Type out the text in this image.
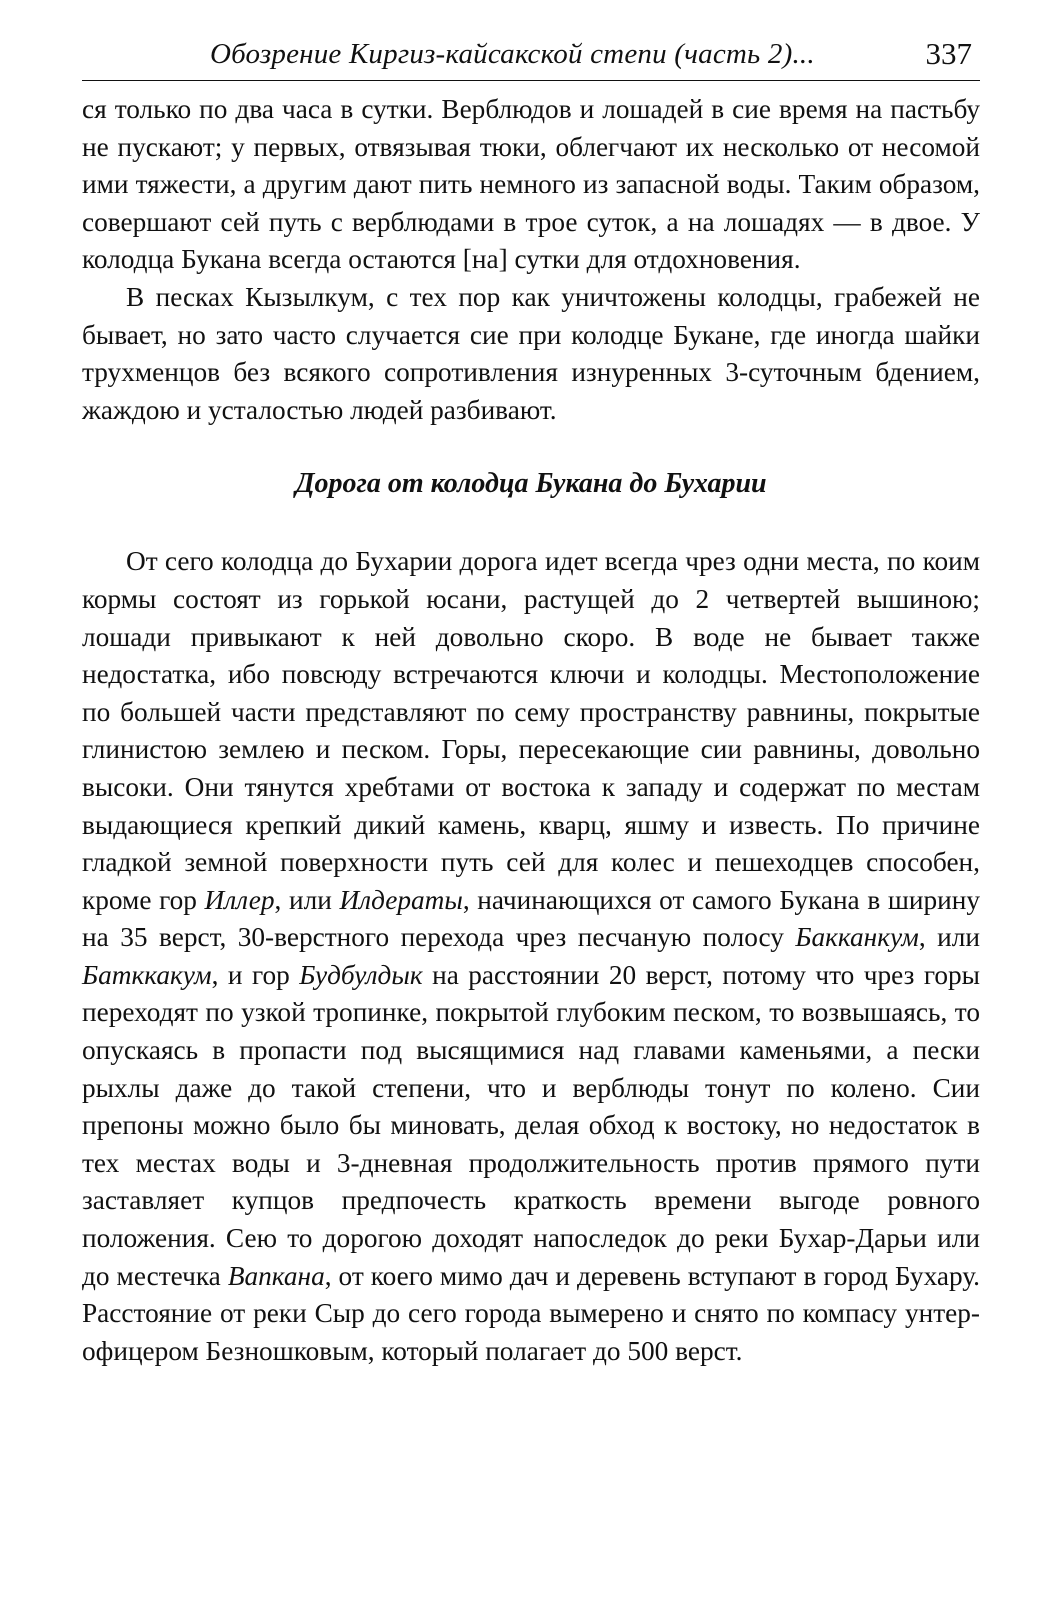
Обозрение Киргиз-кайсакской степи (часть 2)...	337

ся только по два часа в сутки. Верблюдов и лошадей в сие время на пастьбу не пускают; у первых, отвязывая тюки, облегчают их несколько от несомой ими тяжести, а другим дают пить немного из запасной воды. Таким образом, совершают сей путь с верблюдами в трое суток, а на лошадях — в двое. У колодца Букана всегда остаются [на] сутки для отдохновения.

В песках Кызылкум, с тех пор как уничтожены колодцы, грабежей не бывает, но зато часто случается сие при колодце Букане, где иногда шайки трухменцов без всякого сопротивления изнуренных 3-суточным бдением, жаждою и усталостью людей разбивают.

Дорога от колодца Букана до Бухарии

От сего колодца до Бухарии дорога идет всегда чрез одни места, по коим кормы состоят из горькой юсани, растущей до 2 четвертей вышиною; лошади привыкают к ней довольно скоро. В воде не бывает также недостатка, ибо повсюду встречаются ключи и колодцы. Местоположение по большей части представляют по сему пространству равнины, покрытые глинистою землею и песком. Горы, пересекающие сии равнины, довольно высоки. Они тянутся хребтами от востока к западу и содержат по местам выдающиеся крепкий дикий камень, кварц, яшму и известь. По причине гладкой земной поверхности путь сей для колес и пешеходцев способен, кроме гор Иллер, или Илдераты, начинающихся от самого Букана в ширину на 35 верст, 30-верстного перехода чрез песчаную полосу Бакканкум, или Батккакум, и гор Будбулдык на расстоянии 20 верст, потому что чрез горы переходят по узкой тропинке, покрытой глубоким песком, то возвышаясь, то опускаясь в пропасти под высящимися над главами каменьями, а пески рыхлы даже до такой степени, что и верблюды тонут по колено. Сии препоны можно было бы миновать, делая обход к востоку, но недостаток в тех местах воды и 3-дневная продолжительность против прямого пути заставляет купцов предпочесть краткость времени выгоде ровного положения. Сею то дорогою доходят напоследок до реки Бухар-Дарьи или до местечка Вапкана, от коего мимо дач и деревень вступают в город Бухару. Расстояние от реки Сыр до сего города вымерено и снято по компасу унтер-офицером Безношковым, который полагает до 500 верст.
